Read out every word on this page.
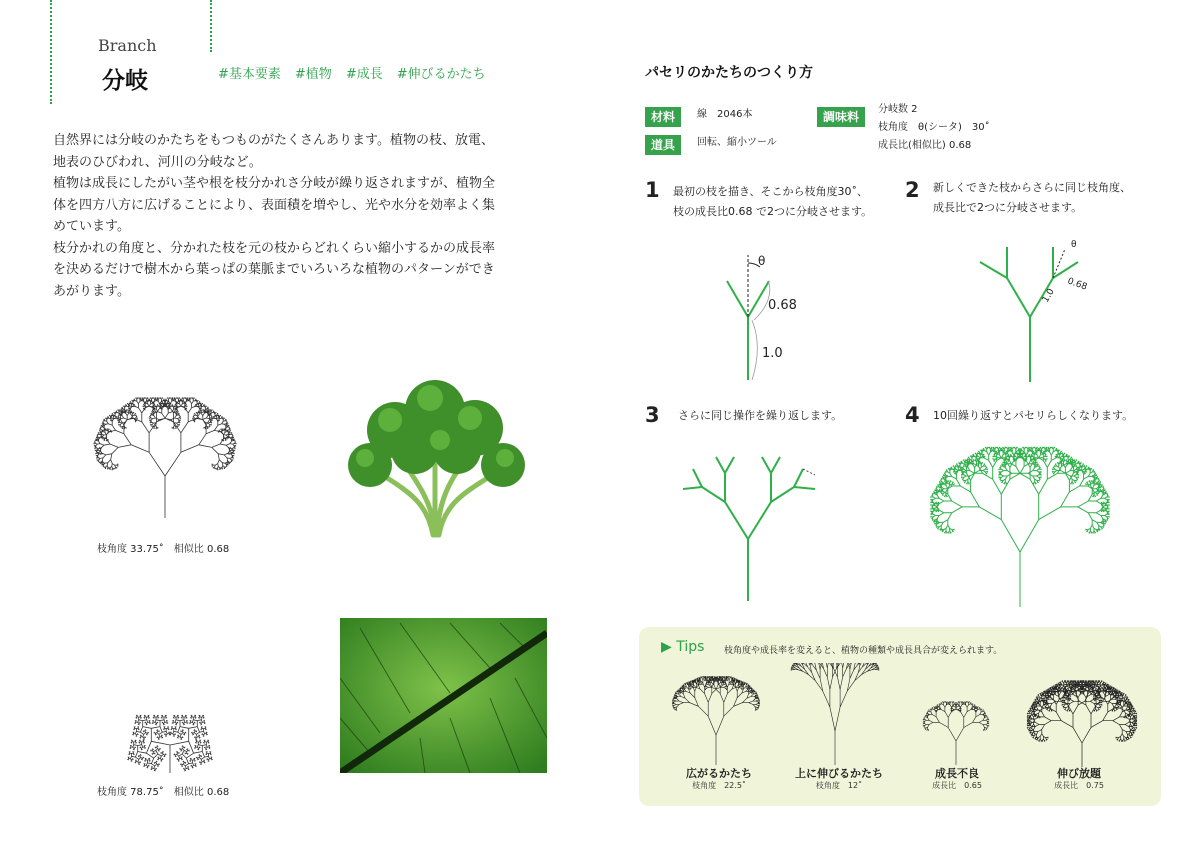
Branch
分岐	#基本要素 #植物 #成長 #伸びるかたち
自然界には分岐のかたちをもつものがたくさんあります。植物の枝、放電、
地表のひびわれ、河川の分岐など。
植物は成長にしたがい茎や根を枝分かれさ分岐が繰り返されますが、植物全
体を四方八方に広げることにより、表面積を増やし、光や水分を効率よく集
めています。
枝分かれの角度と、分かれた枝を元の枝からどれくらい縮小するかの成長率
を決めるだけで樹木から葉っぱの葉脈までいろいろな植物のパターンができ
あがります。
枝角度 33.75˚　相似比 0.68
枝角度 78.75˚　相似比 0.68
パセリのかたちのつくり方
材料	線　2046本
道具	回転、縮小ツール
調味料
分岐数 2
枝角度　θ(シータ)　30˚
成長比(相似比) 0.68
1 最初の枝を描き、そこから枝角度30˚、
枝の成長比0.68 で2つに分岐させます。
θ
0.68
1.0
2 新しくできた枝からさらに同じ枝角度、
成長比で2つに分岐させます。
θ
0.68
1.0
3 さらに同じ操作を繰り返します。	4 10回繰り返すとパセリらしくなります。
▶ Tips 枝角度や成長率を変えると、植物の種類や成長具合が変えられます。
広がるかたち
枝角度　22.5˚
上に伸びるかたち
枝角度　12˚
成長不良
成長比　0.65
伸び放題
成長比　0.75
